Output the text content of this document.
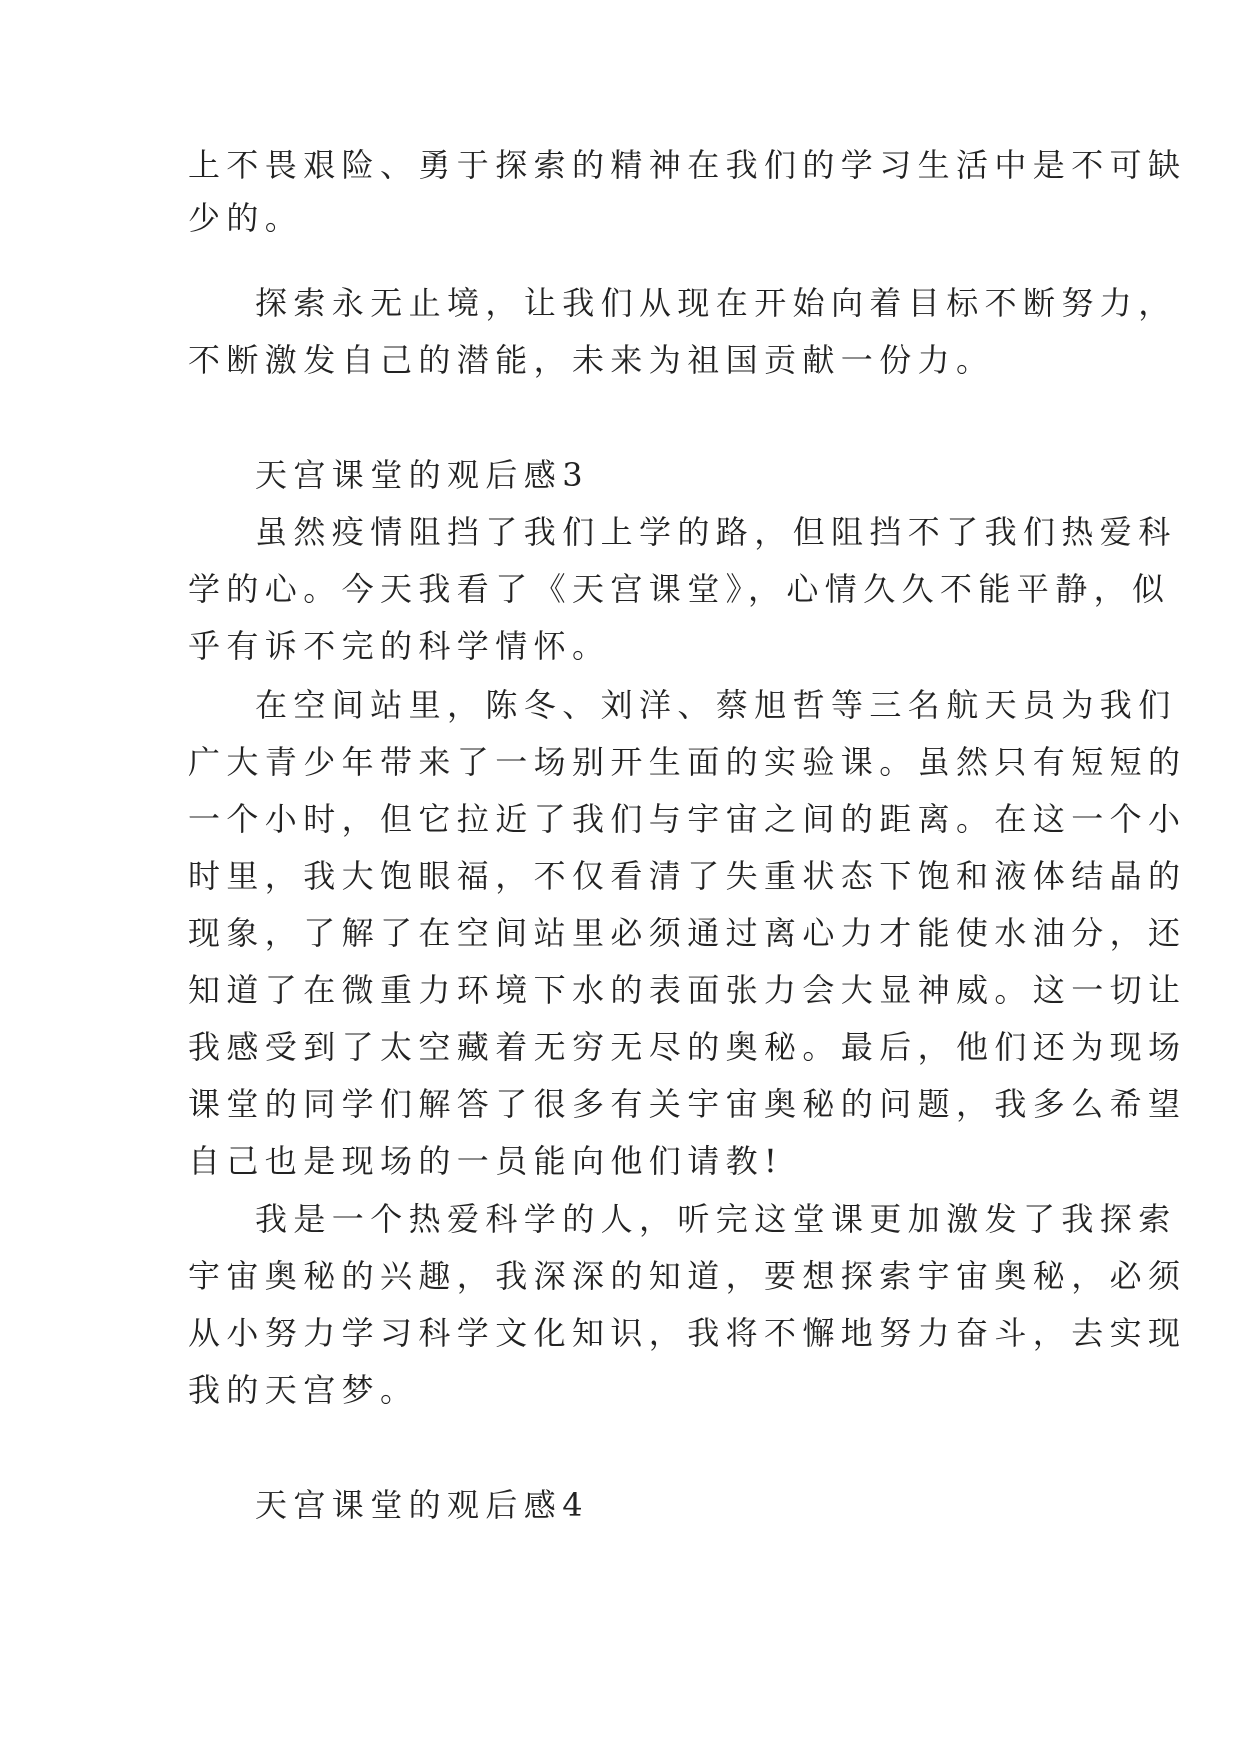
上不畏艰险、勇于探索的精神在我们的学习生活中是不可缺
少的。
探索永无止境，让我们从现在开始向着目标不断努力，
不断激发自己的潜能，未来为祖国贡献一份力。
天宫课堂的观后感3
虽然疫情阻挡了我们上学的路，但阻挡不了我们热爱科
学的心。今天我看了《天宫课堂》，心情久久不能平静，似
乎有诉不完的科学情怀。
在空间站里，陈冬、刘洋、蔡旭哲等三名航天员为我们
广大青少年带来了一场别开生面的实验课。虽然只有短短的
一个小时，但它拉近了我们与宇宙之间的距离。在这一个小
时里，我大饱眼福，不仅看清了失重状态下饱和液体结晶的
现象，了解了在空间站里必须通过离心力才能使水油分，还
知道了在微重力环境下水的表面张力会大显神威。这一切让
我感受到了太空藏着无穷无尽的奥秘。最后，他们还为现场
课堂的同学们解答了很多有关宇宙奥秘的问题，我多么希望
自己也是现场的一员能向他们请教!
我是一个热爱科学的人，听完这堂课更加激发了我探索
宇宙奥秘的兴趣，我深深的知道，要想探索宇宙奥秘，必须
从小努力学习科学文化知识，我将不懈地努力奋斗，去实现
我的天宫梦。
天宫课堂的观后感4
